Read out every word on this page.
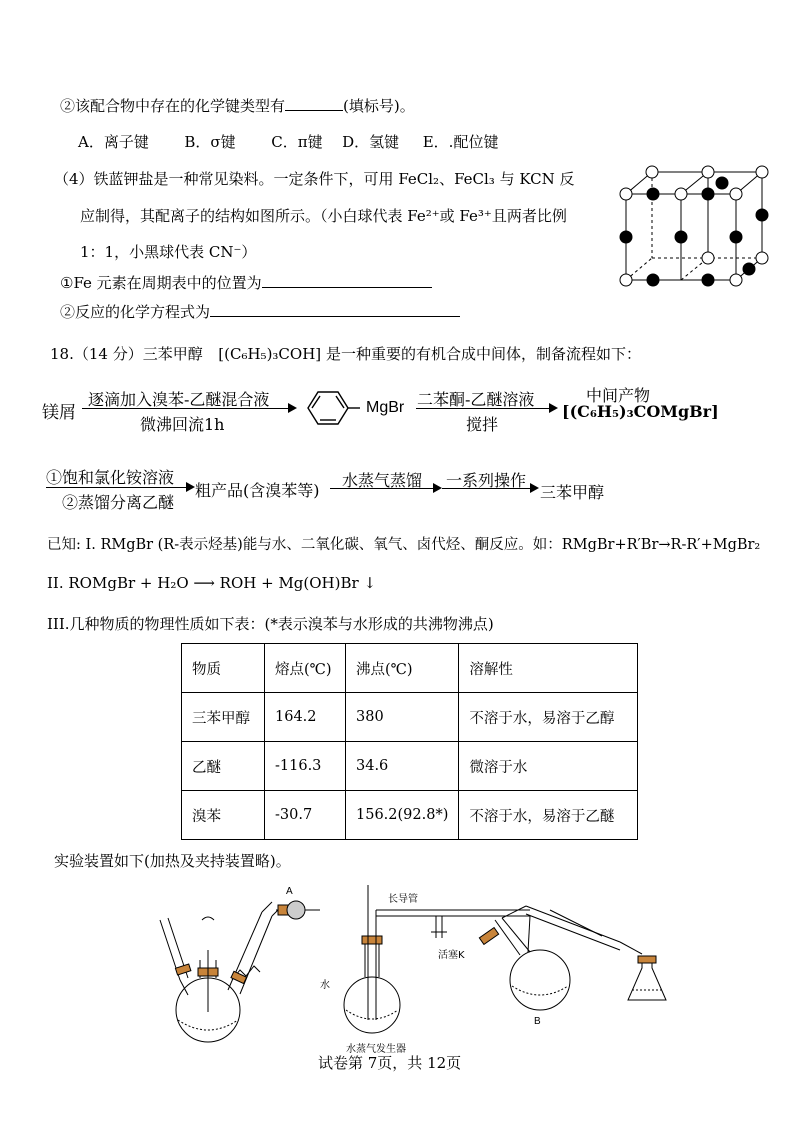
②该配合物中存在的化学键类型有	(填标号)。
A．离子键 B．σ键 C．π键 D．氢键 E．.配位键
（4）铁蓝钾盐是一种常见染料。一定条件下，可用 FeCl₂、FeCl₃ 与 KCN 反
应制得，其配离子的结构如图所示。（小白球代表 Fe²⁺或 Fe³⁺且两者比例
1：1，小黑球代表 CN⁻）
①Fe 元素在周期表中的位置为
②反应的化学方程式为
18.（14 分）三苯甲醇 [(C₆H₅)₃COH] 是一种重要的有机合成中间体，制备流程如下：
镁屑
逐滴加入溴苯-乙醚混合液
微沸回流1h
MgBr 二苯酮-乙醚溶液
搅拌
中间产物
[(C₆H₅)₃COMgBr]
①饱和氯化铵溶液
②蒸馏分离乙醚
粗产品(含溴苯等)
水蒸气蒸馏 一系列操作
三苯甲醇
已知: I. RMgBr (R-表示烃基)能与水、二氧化碳、氧气、卤代烃、酮反应。如：RMgBr+R′Br→R-R′+MgBr₂
II. ROMgBr + H₂O ⟶ ROH + Mg(OH)Br ↓
III.几种物质的物理性质如下表：(*表示溴苯与水形成的共沸物沸点)
物质	熔点(℃)	沸点(℃)	溶解性
三苯甲醇	164.2	380	不溶于水，易溶于乙醇
乙醚	-116.3	34.6	微溶于水
溴苯	-30.7	156.2(92.8*)	不溶于水，易溶于乙醚
实验装置如下(加热及夹持装置略)。
A
长导管
活塞K
水
水蒸气发生器
B
试卷第 7页，共 12页
